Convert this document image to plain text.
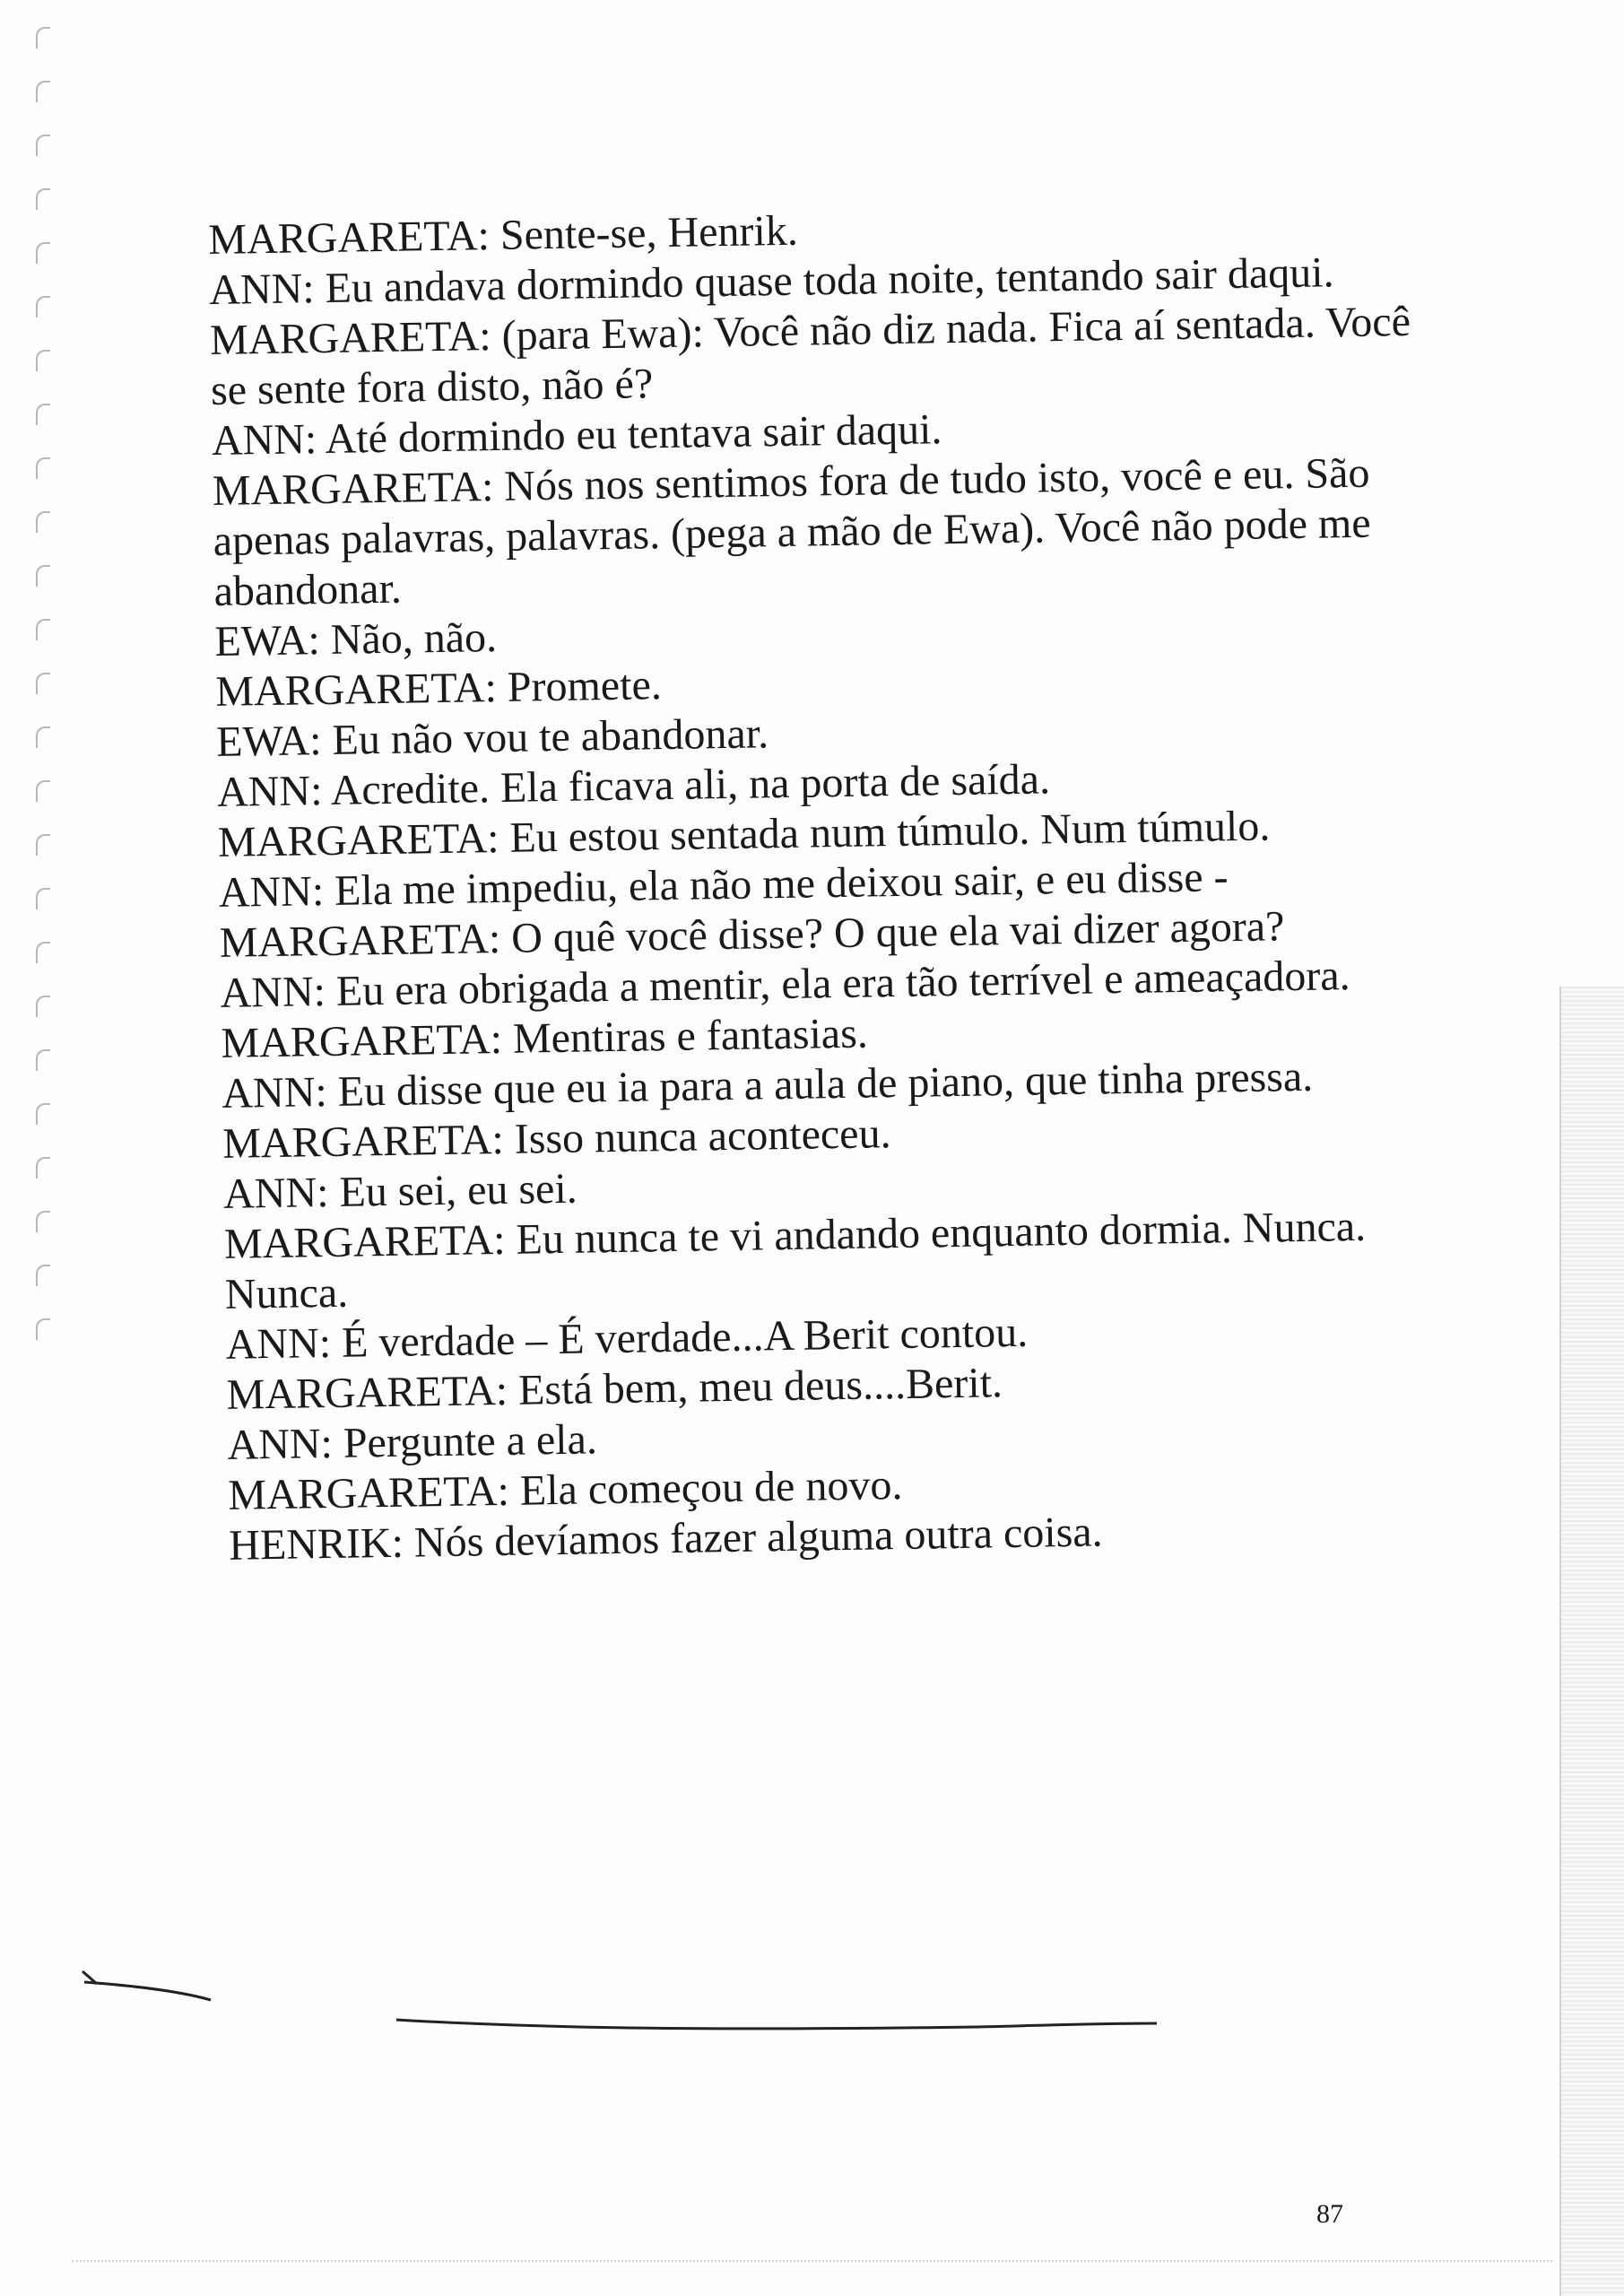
MARGARETA: Sente-se, Henrik.

ANN: Eu andava dormindo quase toda noite, tentando sair daqui.

MARGARETA: (para Ewa): Você não diz nada. Fica aí sentada. Você se sente fora disto, não é?

ANN: Até dormindo eu tentava sair daqui.

MARGARETA: Nós nos sentimos fora de tudo isto, você e eu. São apenas palavras, palavras. (pega a mão de Ewa). Você não pode me abandonar.

EWA: Não, não.

MARGARETA: Promete.

EWA: Eu não vou te abandonar.

ANN: Acredite. Ela ficava ali, na porta de saída.

MARGARETA: Eu estou sentada num túmulo. Num túmulo.

ANN: Ela me impediu, ela não me deixou sair, e eu disse -

MARGARETA: O quê você disse? O que ela vai dizer agora?

ANN: Eu era obrigada a mentir, ela era tão terrível e ameaçadora.

MARGARETA: Mentiras e fantasias.

ANN: Eu disse que eu ia para a aula de piano, que tinha pressa.

MARGARETA: Isso nunca aconteceu.

ANN: Eu sei, eu sei.

MARGARETA: Eu nunca te vi andando enquanto dormia. Nunca. Nunca.

ANN: É verdade – É verdade...A Berit contou.

MARGARETA: Está bem, meu deus....Berit.

ANN: Pergunte a ela.

MARGARETA: Ela começou de novo.

HENRIK: Nós devíamos fazer alguma outra coisa.

87
